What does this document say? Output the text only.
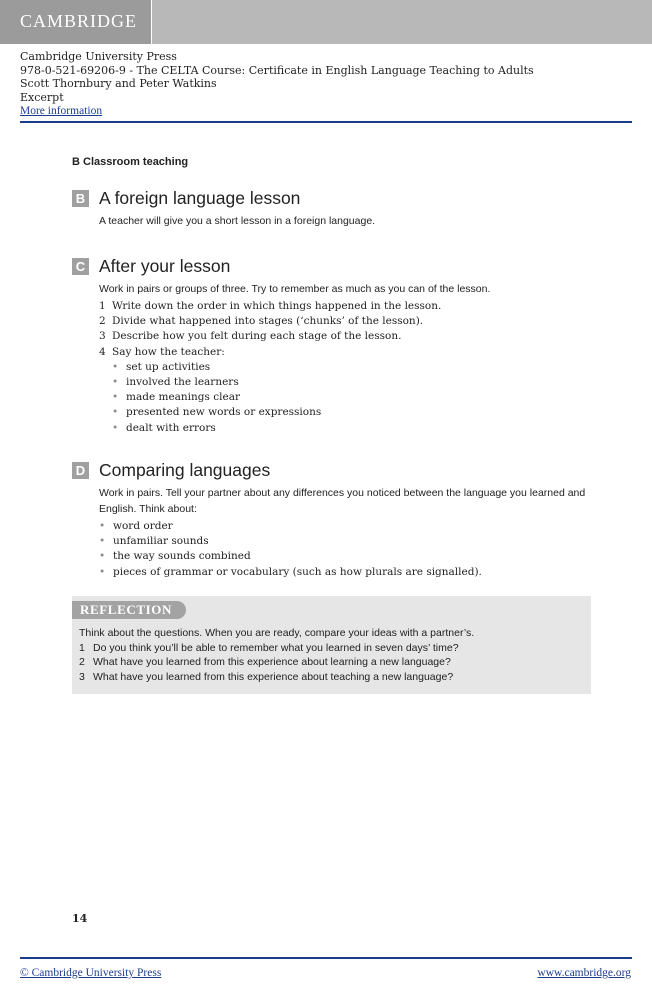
CAMBRIDGE
Cambridge University Press
978-0-521-69206-9 - The CELTA Course: Certificate in English Language Teaching to Adults
Scott Thornbury and Peter Watkins
Excerpt
More information
B Classroom teaching
B A foreign language lesson
A teacher will give you a short lesson in a foreign language.
C After your lesson
Work in pairs or groups of three. Try to remember as much as you can of the lesson.
1 Write down the order in which things happened in the lesson.
2 Divide what happened into stages (‘chunks’ of the lesson).
3 Describe how you felt during each stage of the lesson.
4 Say how the teacher:
• set up activities
• involved the learners
• made meanings clear
• presented new words or expressions
• dealt with errors
D Comparing languages
Work in pairs. Tell your partner about any differences you noticed between the language you learned and English. Think about:
• word order
• unfamiliar sounds
• the way sounds combined
• pieces of grammar or vocabulary (such as how plurals are signalled).
REFLECTION
Think about the questions. When you are ready, compare your ideas with a partner’s.
1 Do you think you’ll be able to remember what you learned in seven days’ time?
2 What have you learned from this experience about learning a new language?
3 What have you learned from this experience about teaching a new language?
14
© Cambridge University Press	www.cambridge.org
